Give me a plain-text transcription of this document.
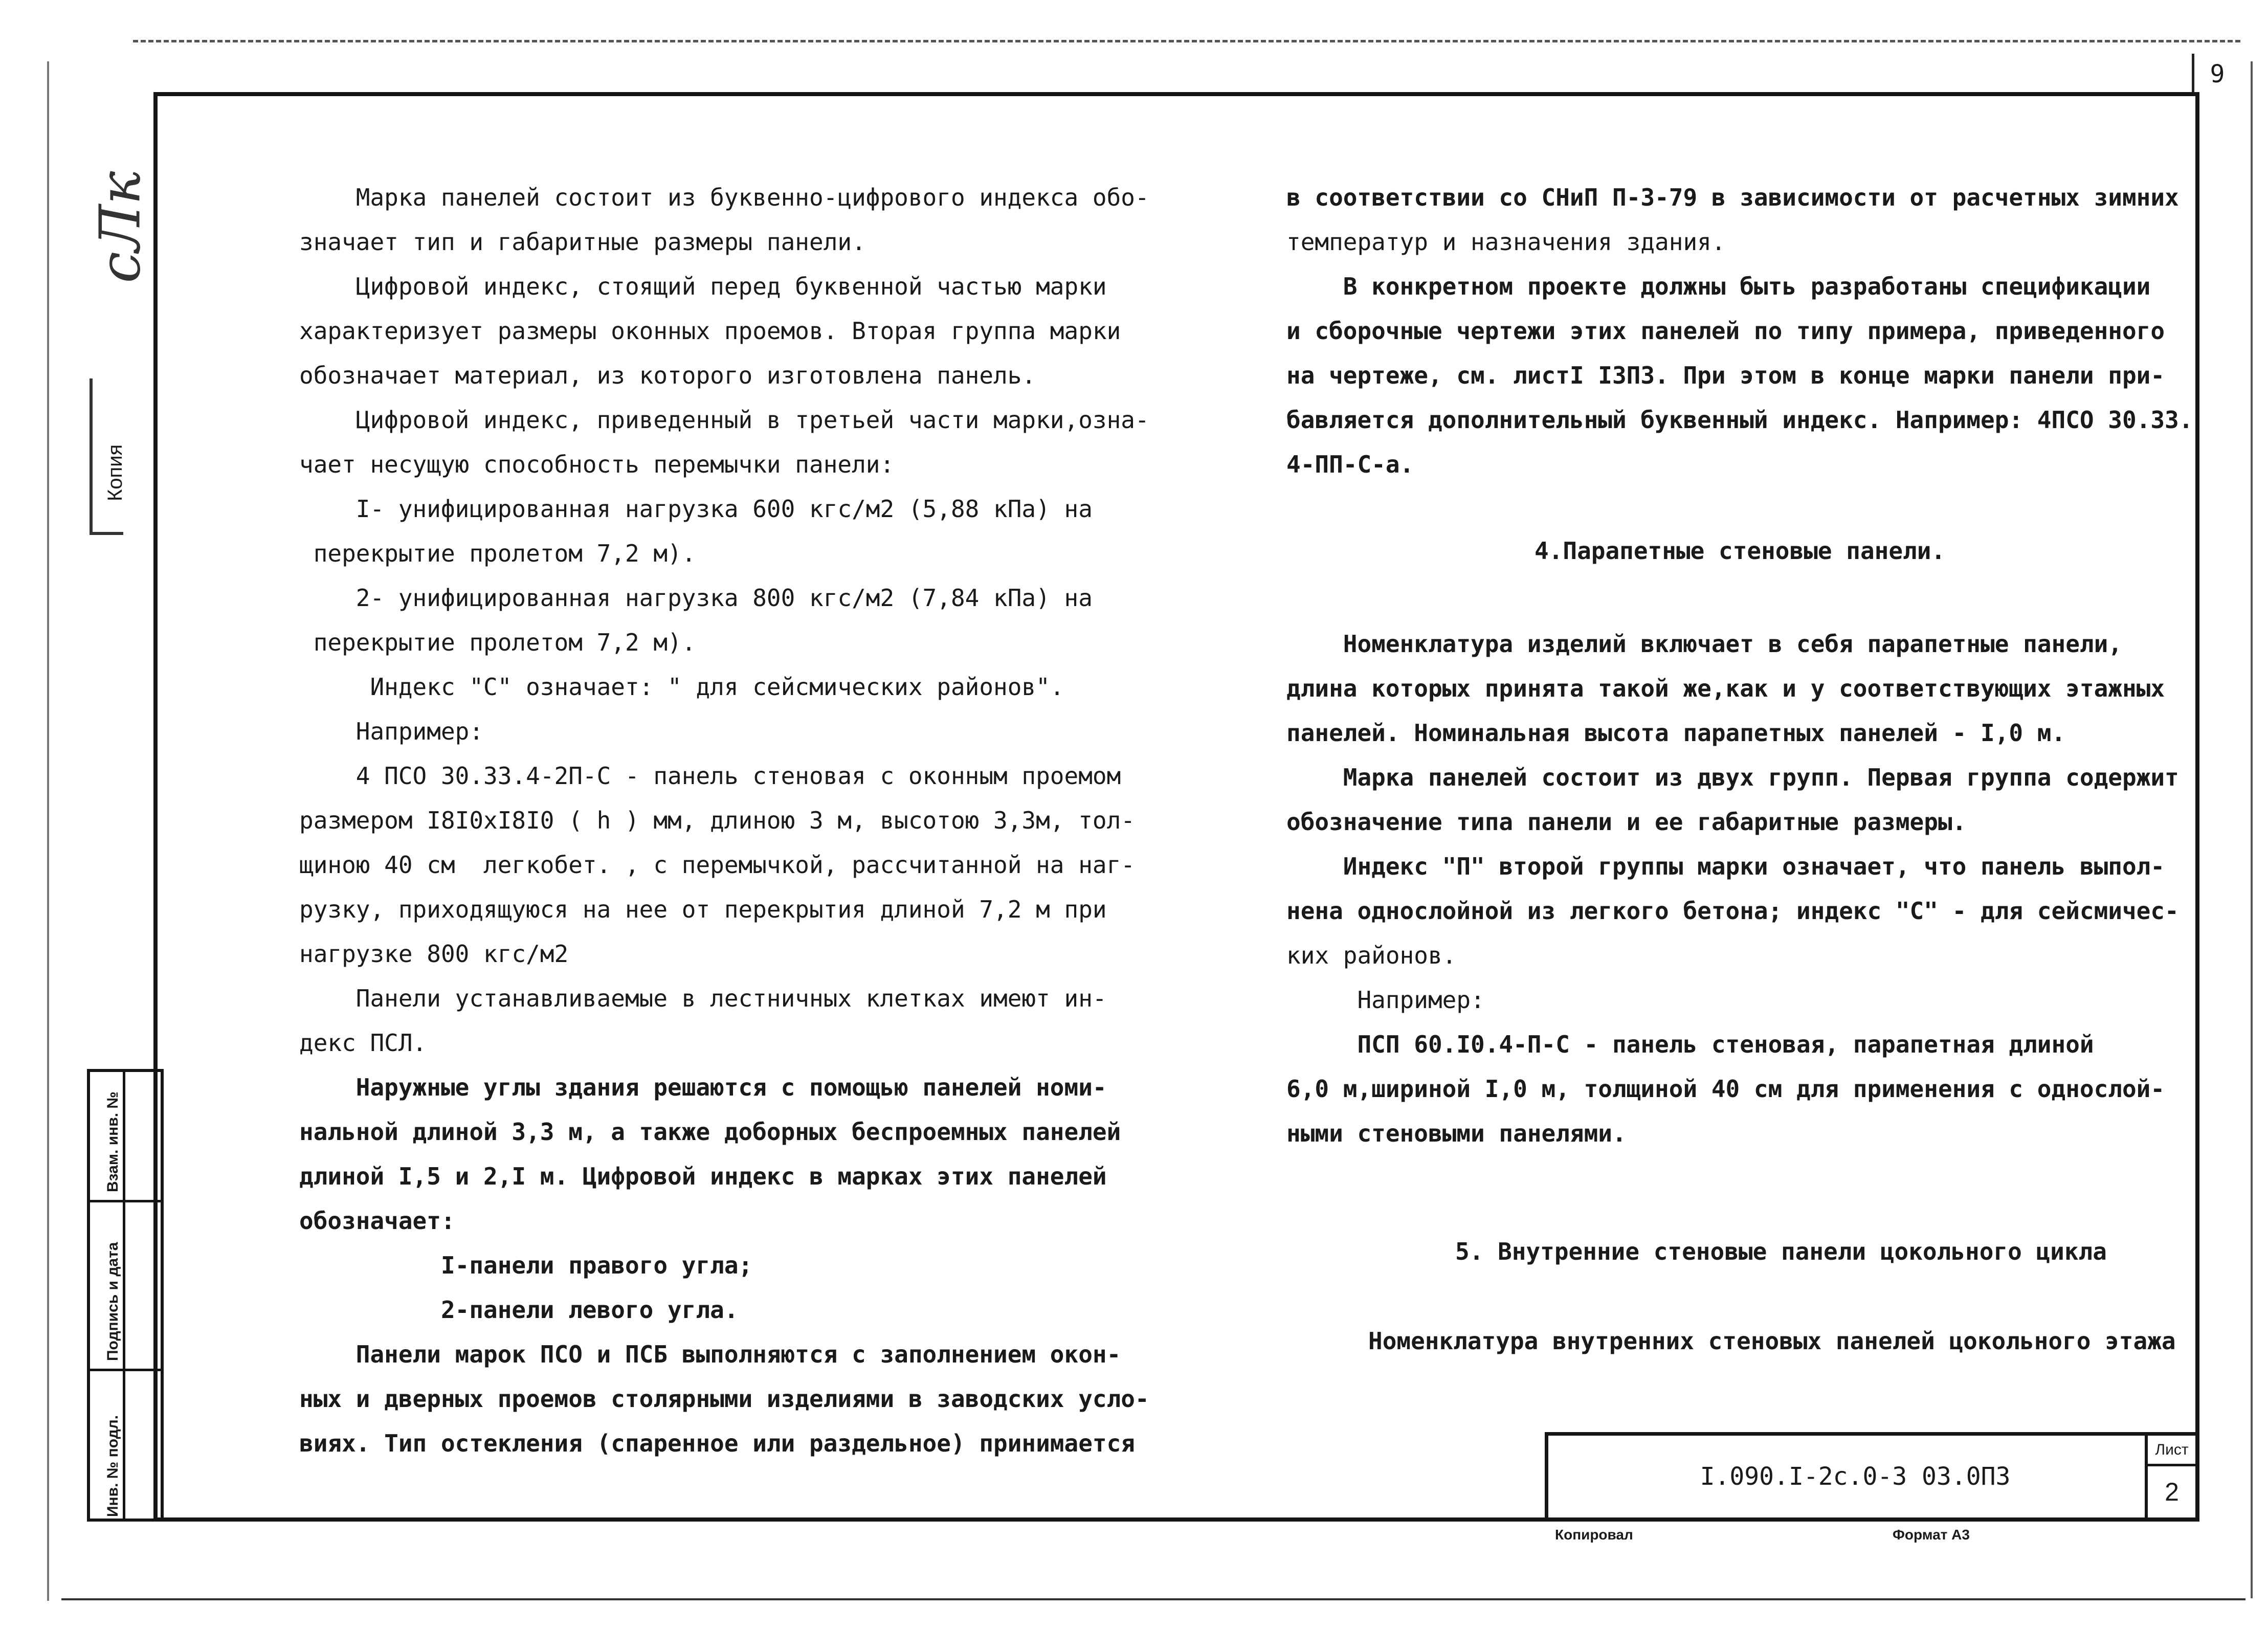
9
сЛк
Копия

Марка панелей состоит из буквенно-цифрового индекса обо-

значает тип и габаритные размеры панели.

Цифровой индекс, стоящий перед буквенной частью марки

характеризует размеры оконных проемов. Вторая группа марки

обозначает материал, из которого изготовлена панель.

Цифровой индекс, приведенный в третьей части марки,озна-

чает несущую способность перемычки панели:

I- унифицированная нагрузка 600 кгс/м2 (5,88 кПа) на

перекрытие пролетом 7,2 м).

2- унифицированная нагрузка 800 кгс/м2 (7,84 кПа) на

перекрытие пролетом 7,2 м).

Индекс "С" означает: " для сейсмических районов".

Например:

4 ПСО 30.33.4-2П-С - панель стеновая с оконным проемом

размером I8I0xI8I0 ( h ) мм, длиною 3 м, высотою 3,3м, тол-

щиною 40 см  легкобет. , с перемычкой, рассчитанной на наг-

рузку, приходящуюся на нее от перекрытия длиной 7,2 м при

нагрузке 800 кгс/м2

Панели устанавливаемые в лестничных клетках имеют ин-

декс ПСЛ.

Наружные углы здания решаются с помощью панелей номи-

нальной длиной 3,3 м, а также доборных беспроемных панелей

длиной I,5 и 2,I м. Цифровой индекс в марках этих панелей

обозначает:

I-панели правого угла;

2-панели левого угла.

Панели марок ПСО и ПСБ выполняются с заполнением окон-

ных и дверных проемов столярными изделиями в заводских усло-

виях. Тип остекления (спаренное или раздельное) принимается

в соответствии со СНиП П-3-79 в зависимости от расчетных зимних

температур и назначения здания.

В конкретном проекте должны быть разработаны спецификации

и сборочные чертежи этих панелей по типу примера, приведенного

на чертеже, см. листI I3ПЗ. При этом в конце марки панели при-

бавляется дополнительный буквенный индекс. Например: 4ПСО 30.33.

4-ПП-С-а.

4.Парапетные стеновые панели.

Номенклатура изделий включает в себя парапетные панели,

длина которых принята такой же,как и у соответствующих этажных

панелей. Номинальная высота парапетных панелей - I,0 м.

Марка панелей состоит из двух групп. Первая группа содержит

обозначение типа панели и ее габаритные размеры.

Индекс "П" второй группы марки означает, что панель выпол-

нена однослойной из легкого бетона; индекс "С" - для сейсмичес-

ких районов.

Например:

ПСП 60.I0.4-П-С - панель стеновая, парапетная длиной

6,0 м,шириной I,0 м, толщиной 40 см для применения с однослой-

ными стеновыми панелями.

5. Внутренние стеновые панели цокольного цикла
Номенклатура внутренних стеновых панелей цокольного этажа
Взам. инв. №
Подпись и дата
Инв. № подл.	I.090.I-2с.0-3 03.0ПЗ
Лист
2
Копировал	Формат А3
